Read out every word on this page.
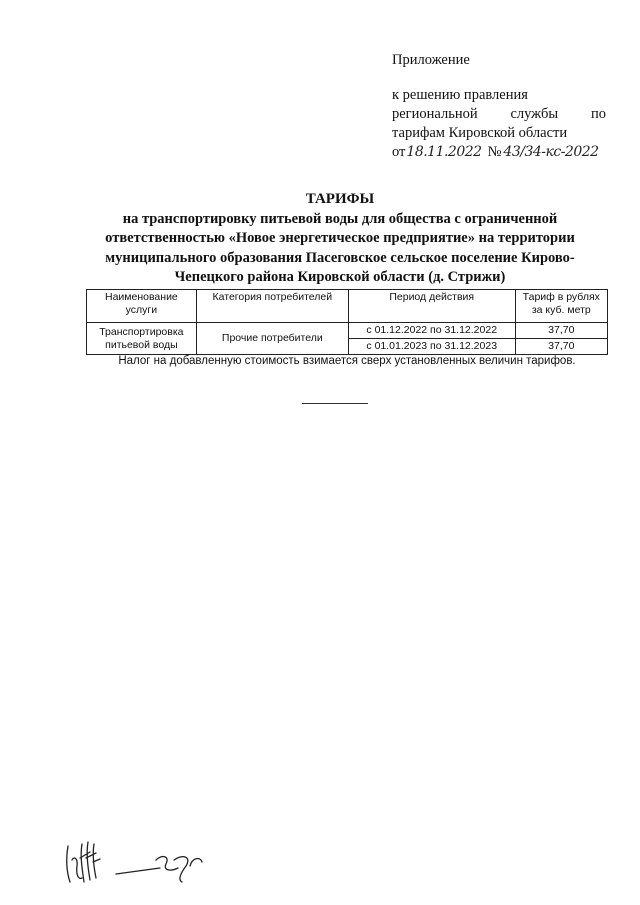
Приложение
к решению правления
региональной службы по
тарифам Кировской области
от 18.11.2022 № 43/34-кс-2022
ТАРИФЫ
на транспортировку питьевой воды для общества с ограниченной
ответственностью «Новое энергетическое предприятие» на территории
муниципального образования Пасеговское сельское поселение Кирово-
Чепецкого района Кировской области (д. Стрижи)
Наименование услуги	Категория потребителей	Период действия	Тариф в рублях за куб. метр
Транспортировка питьевой воды	Прочие потребители	с 01.12.2022 по 31.12.2022	37,70
		с 01.01.2023 по 31.12.2023	37,70
Налог на добавленную стоимость взимается сверх установленных величин тарифов.
